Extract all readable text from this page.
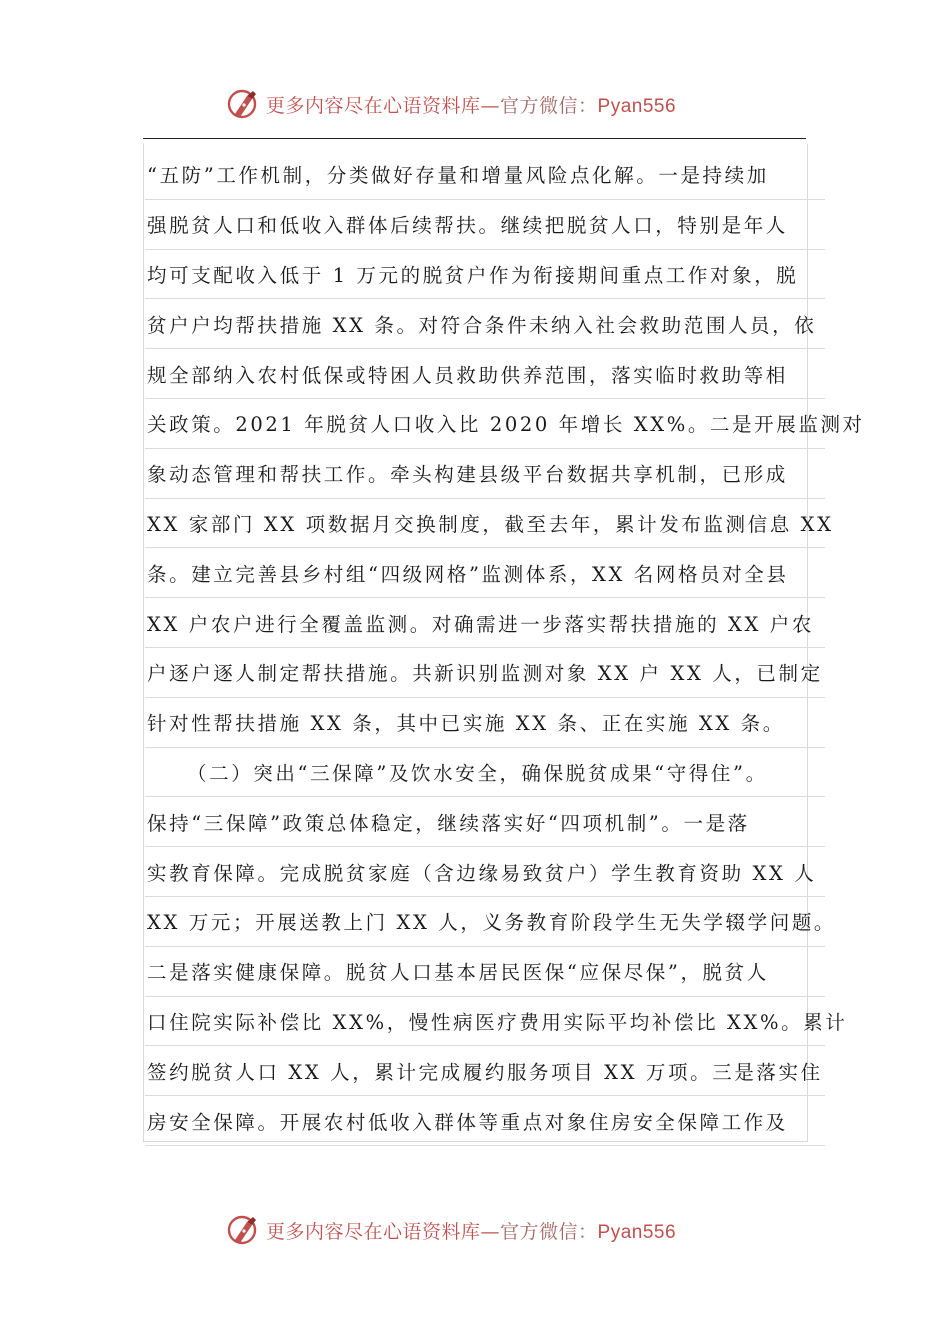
更多内容尽在心语资料库—官方微信：Pyan556
“五防”工作机制，分类做好存量和增量风险点化解。一是持续加
强脱贫人口和低收入群体后续帮扶。继续把脱贫人口，特别是年人
均可支配收入低于 1 万元的脱贫户作为衔接期间重点工作对象，脱
贫户户均帮扶措施 XX 条。对符合条件未纳入社会救助范围人员，依
规全部纳入农村低保或特困人员救助供养范围，落实临时救助等相
关政策。2021 年脱贫人口收入比 2020 年增长 XX%。二是开展监测对
象动态管理和帮扶工作。牵头构建县级平台数据共享机制，已形成
XX 家部门 XX 项数据月交换制度，截至去年，累计发布监测信息 XX
条。建立完善县乡村组“四级网格”监测体系，XX 名网格员对全县
XX 户农户进行全覆盖监测。对确需进一步落实帮扶措施的 XX 户农
户逐户逐人制定帮扶措施。共新识别监测对象 XX 户 XX 人，已制定
针对性帮扶措施 XX 条，其中已实施 XX 条、正在实施 XX 条。
（二）突出“三保障”及饮水安全，确保脱贫成果“守得住”。
保持“三保障”政策总体稳定，继续落实好“四项机制”。一是落
实教育保障。完成脱贫家庭（含边缘易致贫户）学生教育资助 XX 人
XX 万元；开展送教上门 XX 人，义务教育阶段学生无失学辍学问题。
二是落实健康保障。脱贫人口基本居民医保“应保尽保”，脱贫人
口住院实际补偿比 XX%，慢性病医疗费用实际平均补偿比 XX%。累计
签约脱贫人口 XX 人，累计完成履约服务项目 XX 万项。三是落实住
房安全保障。开展农村低收入群体等重点对象住房安全保障工作及
更多内容尽在心语资料库—官方微信：Pyan556
